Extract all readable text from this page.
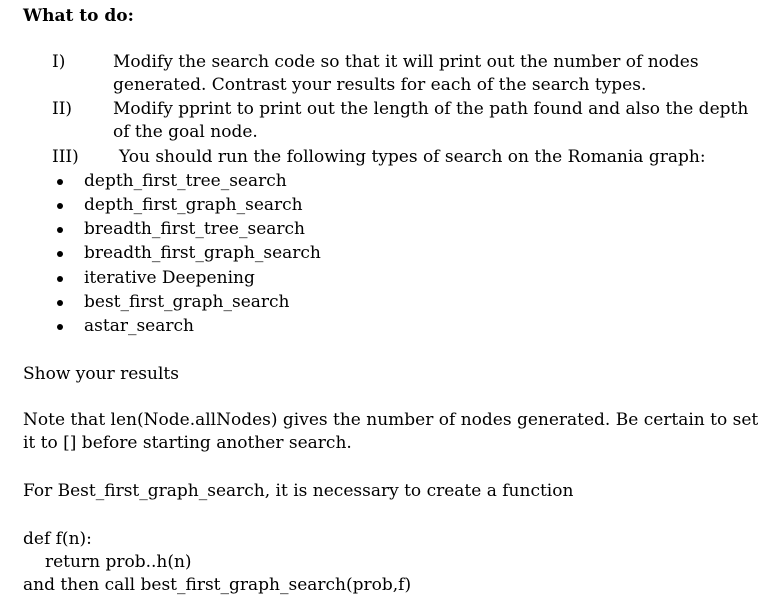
What to do:
I)	Modify the search code so that it will print out the number of nodes
generated. Contrast your results for each of the search types.
II) Modify pprint to print out the length of the path found and also the depth
of the goal node.
III) You should run the following types of search on the Romania graph:
depth_first_tree_search
depth_first_graph_search
breadth_first_tree_search
breadth_first_graph_search
iterative Deepening
best_first_graph_search
astar_search
Show your results
Note that len(Node.allNodes) gives the number of nodes generated. Be certain to set
it to [] before starting another search.
For Best_first_graph_search, it is necessary to create a function
def f(n):
return prob..h(n)
and then call best_first_graph_search(prob,f)
